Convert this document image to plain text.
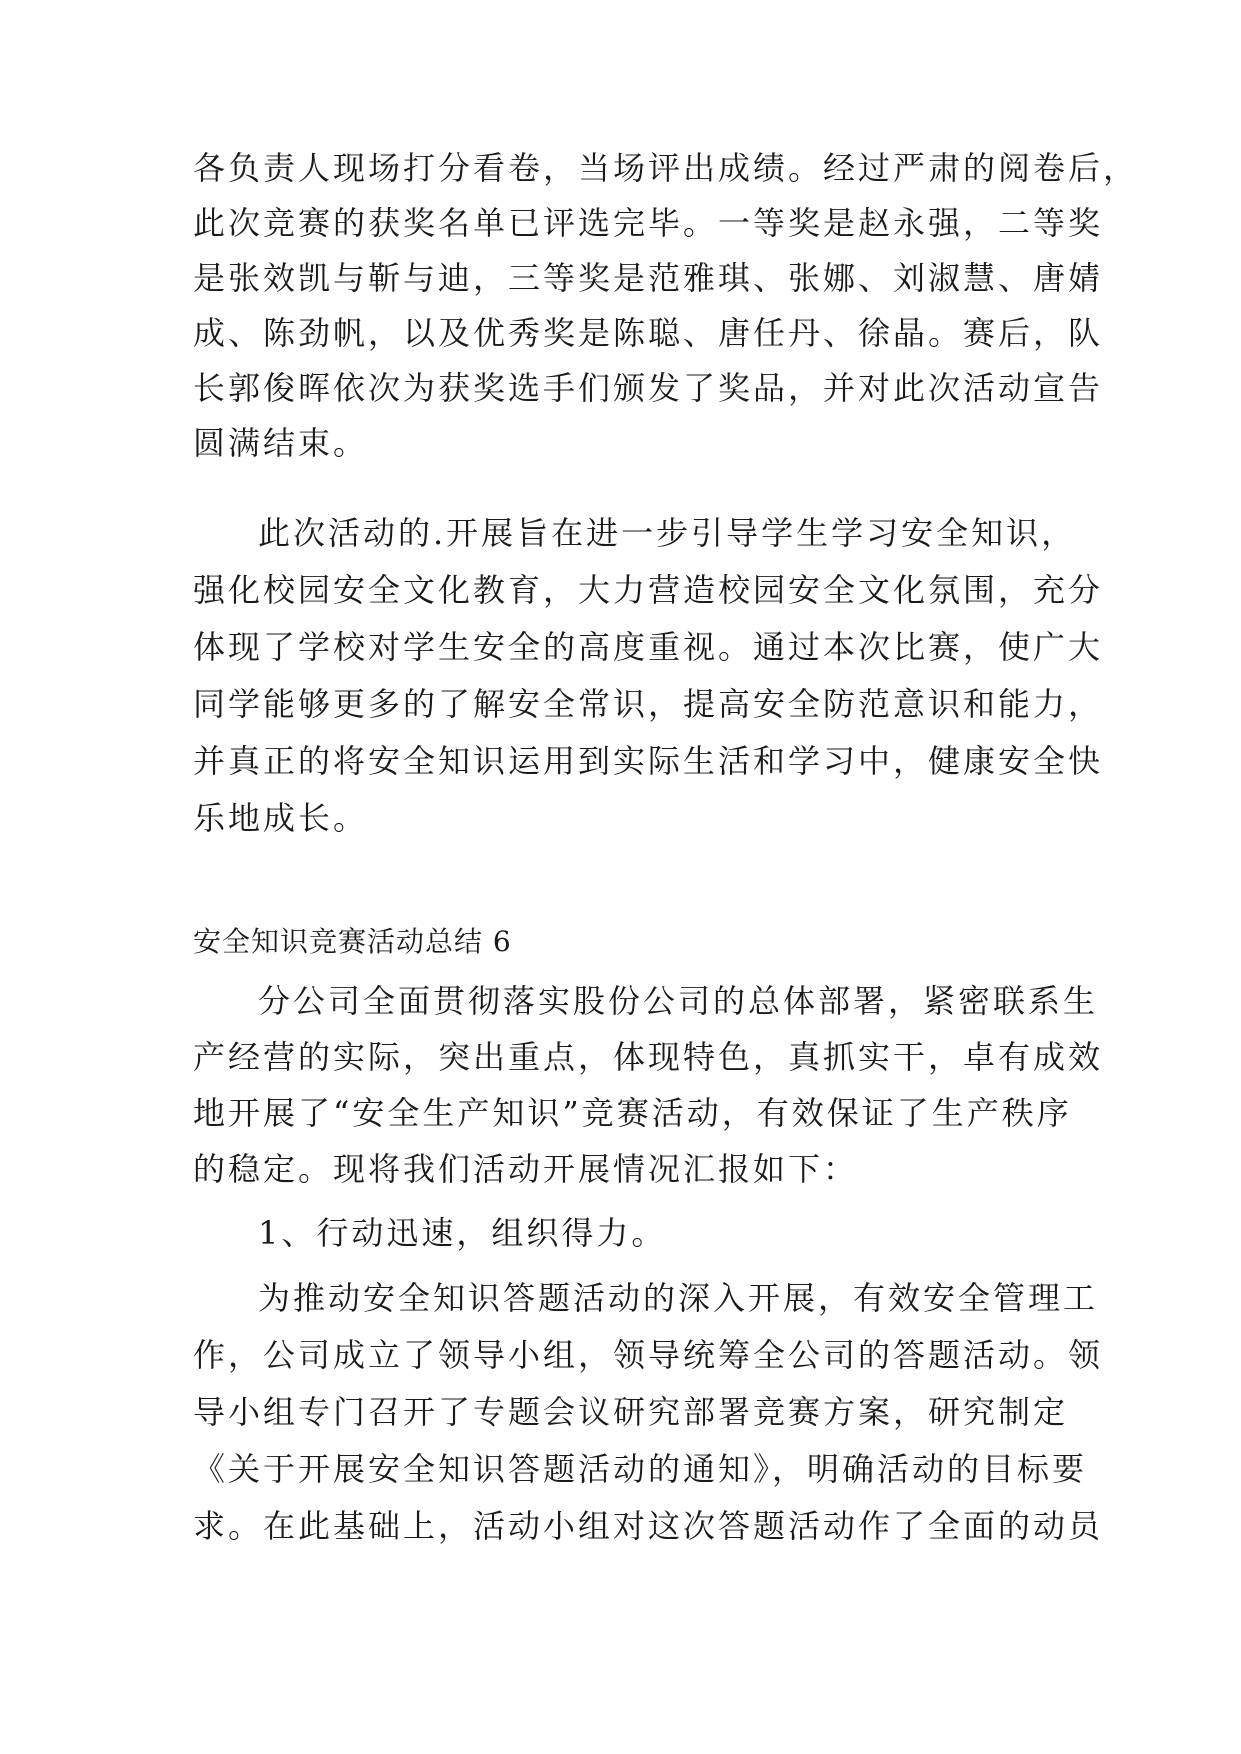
各负责人现场打分看卷，当场评出成绩。经过严肃的阅卷后，
此次竞赛的获奖名单已评选完毕。一等奖是赵永强，二等奖
是张效凯与靳与迪，三等奖是范雅琪、张娜、刘淑慧、唐婧
成、陈劲帆，以及优秀奖是陈聪、唐任丹、徐晶。赛后，队
长郭俊晖依次为获奖选手们颁发了奖品，并对此次活动宣告
圆满结束。
此次活动的.开展旨在进一步引导学生学习安全知识，
强化校园安全文化教育，大力营造校园安全文化氛围，充分
体现了学校对学生安全的高度重视。通过本次比赛，使广大
同学能够更多的了解安全常识，提高安全防范意识和能力，
并真正的将安全知识运用到实际生活和学习中，健康安全快
乐地成长。
安全知识竞赛活动总结 6
分公司全面贯彻落实股份公司的总体部署，紧密联系生
产经营的实际，突出重点，体现特色，真抓实干，卓有成效
地开展了“安全生产知识”竞赛活动，有效保证了生产秩序
的稳定。现将我们活动开展情况汇报如下：
1、行动迅速，组织得力。
为推动安全知识答题活动的深入开展，有效安全管理工
作，公司成立了领导小组，领导统筹全公司的答题活动。领
导小组专门召开了专题会议研究部署竞赛方案，研究制定
《关于开展安全知识答题活动的通知》，明确活动的目标要
求。在此基础上，活动小组对这次答题活动作了全面的动员
